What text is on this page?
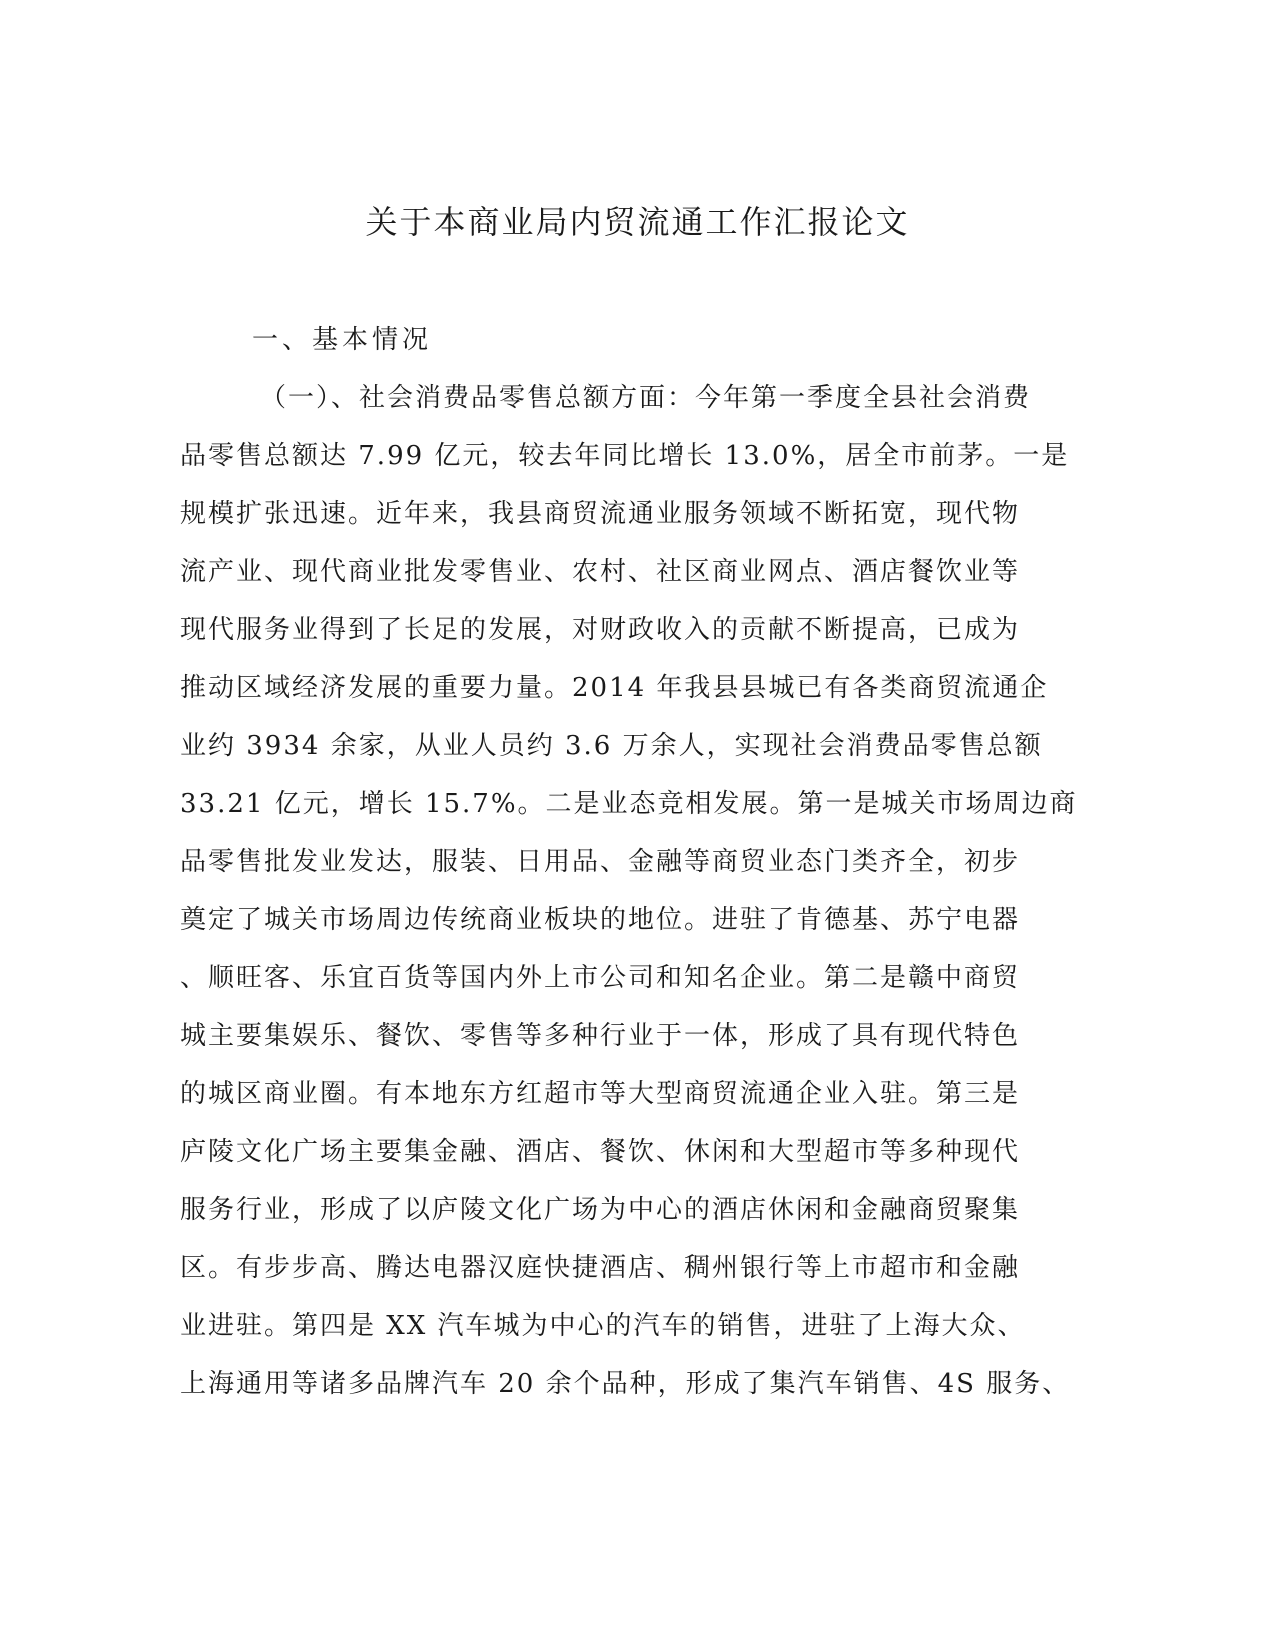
关于本商业局内贸流通工作汇报论文

一、基本情况

（一）、社会消费品零售总额方面：今年第一季度全县社会消费
品零售总额达 7.99 亿元，较去年同比增长 13.0%，居全市前茅。一是
规模扩张迅速。近年来，我县商贸流通业服务领域不断拓宽，现代物
流产业、现代商业批发零售业、农村、社区商业网点、酒店餐饮业等
现代服务业得到了长足的发展，对财政收入的贡献不断提高，已成为
推动区域经济发展的重要力量。2014 年我县县城已有各类商贸流通企
业约 3934 余家，从业人员约 3.6 万余人，实现社会消费品零售总额
33.21 亿元，增长 15.7%。二是业态竞相发展。第一是城关市场周边商
品零售批发业发达，服装、日用品、金融等商贸业态门类齐全，初步
奠定了城关市场周边传统商业板块的地位。进驻了肯德基、苏宁电器
、顺旺客、乐宜百货等国内外上市公司和知名企业。第二是赣中商贸
城主要集娱乐、餐饮、零售等多种行业于一体，形成了具有现代特色
的城区商业圈。有本地东方红超市等大型商贸流通企业入驻。第三是
庐陵文化广场主要集金融、酒店、餐饮、休闲和大型超市等多种现代
服务行业，形成了以庐陵文化广场为中心的酒店休闲和金融商贸聚集
区。有步步高、腾达电器汉庭快捷酒店、稠州银行等上市超市和金融
业进驻。第四是 XX 汽车城为中心的汽车的销售，进驻了上海大众、
上海通用等诸多品牌汽车 20 余个品种，形成了集汽车销售、4S 服务、
